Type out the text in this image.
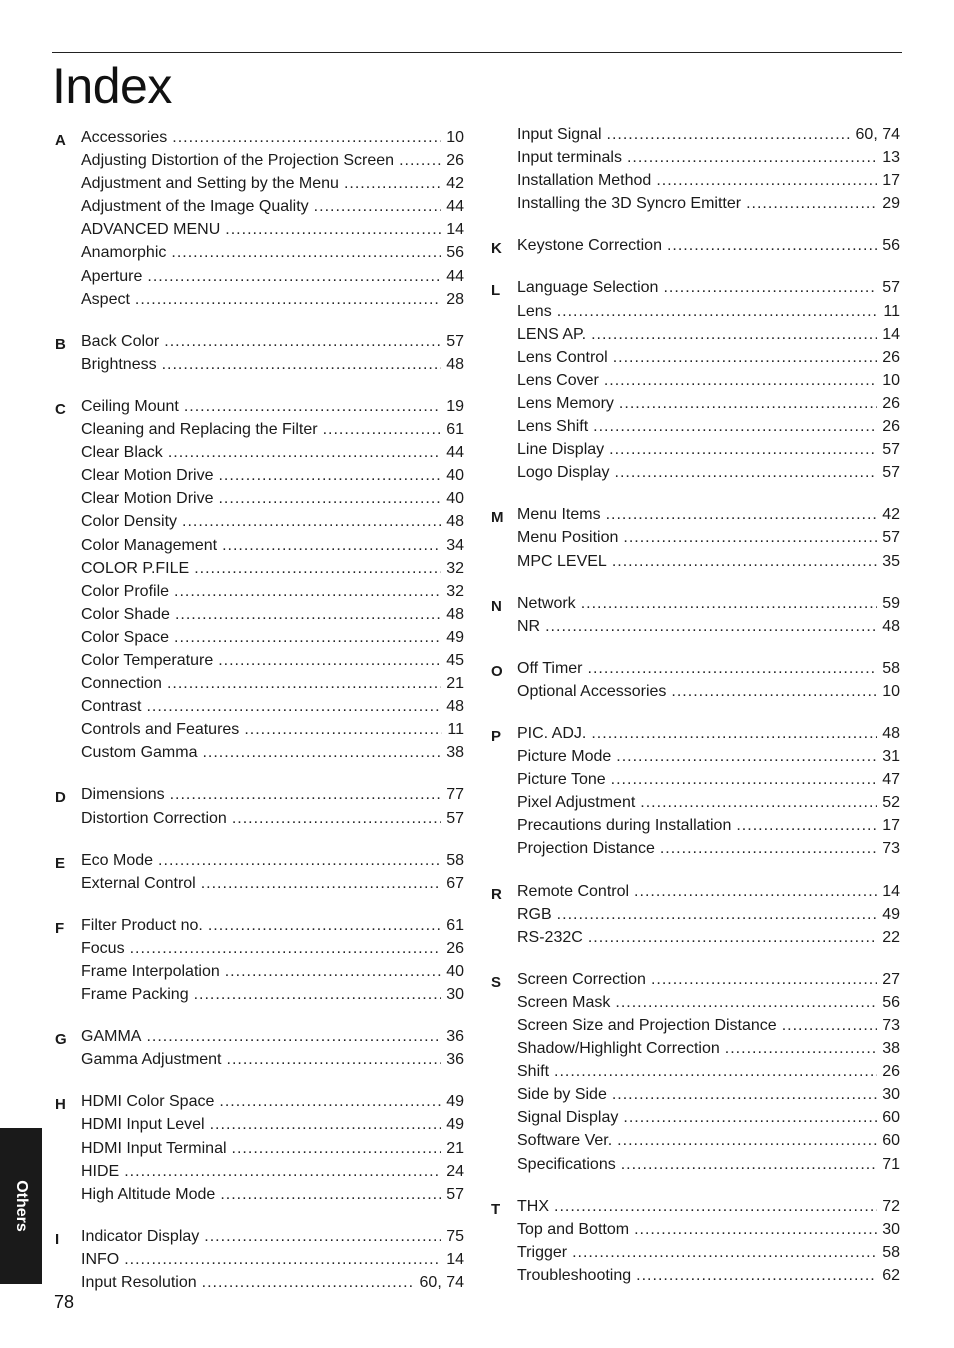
Index
A Accessories .....	10
Adjusting Distortion of the Projection Screen .....	26
Adjustment and Setting by the Menu .....	42
Adjustment of the Image Quality .....	44
ADVANCED MENU .....	14
Anamorphic .....	56
Aperture .....	44
Aspect .....	28
B Back Color .....	57
Brightness .....	48
C Ceiling Mount .....	19
Cleaning and Replacing the Filter .....	61
Clear Black .....	44
Clear Motion Drive .....	40
Clear Motion Drive .....	40
Color Density .....	48
Color Management .....	34
COLOR P.FILE .....	32
Color Profile .....	32
Color Shade .....	48
Color Space .....	49
Color Temperature .....	45
Connection .....	21
Contrast .....	48
Controls and Features .....	11
Custom Gamma .....	38
D Dimensions .....	77
Distortion Correction .....	57
E Eco Mode .....	58
External Control .....	67
F Filter Product no. .....	61
Focus .....	26
Frame Interpolation .....	40
Frame Packing .....	30
G GAMMA .....	36
Gamma Adjustment .....	36
H HDMI Color Space .....	49
HDMI Input Level .....	49
HDMI Input Terminal .....	21
HIDE .....	24
High Altitude Mode .....	57
I Indicator Display .....	75
INFO .....	14
Input Resolution .....	60, 74
Input Signal .....	60, 74
Input terminals .....	13
Installation Method .....	17
Installing the 3D Syncro Emitter .....	29
K Keystone Correction .....	56
L Language Selection .....	57
Lens .....	11
LENS AP. .....	14
Lens Control .....	26
Lens Cover .....	10
Lens Memory .....	26
Lens Shift .....	26
Line Display .....	57
Logo Display .....	57
M Menu Items .....	42
Menu Position .....	57
MPC LEVEL .....	35
N Network .....	59
NR .....	48
O Off Timer .....	58
Optional Accessories .....	10
P PIC. ADJ. .....	48
Picture Mode .....	31
Picture Tone .....	47
Pixel Adjustment .....	52
Precautions during Installation .....	17
Projection Distance .....	73
R Remote Control .....	14
RGB .....	49
RS-232C .....	22
S Screen Correction .....	27
Screen Mask .....	56
Screen Size and Projection Distance .....	73
Shadow/Highlight Correction .....	38
Shift .....	26
Side by Side .....	30
Signal Display .....	60
Software Ver. .....	60
Specifications .....	71
T THX .....	72
Top and Bottom .....	30
Trigger .....	58
Troubleshooting .....	62
Others
78
